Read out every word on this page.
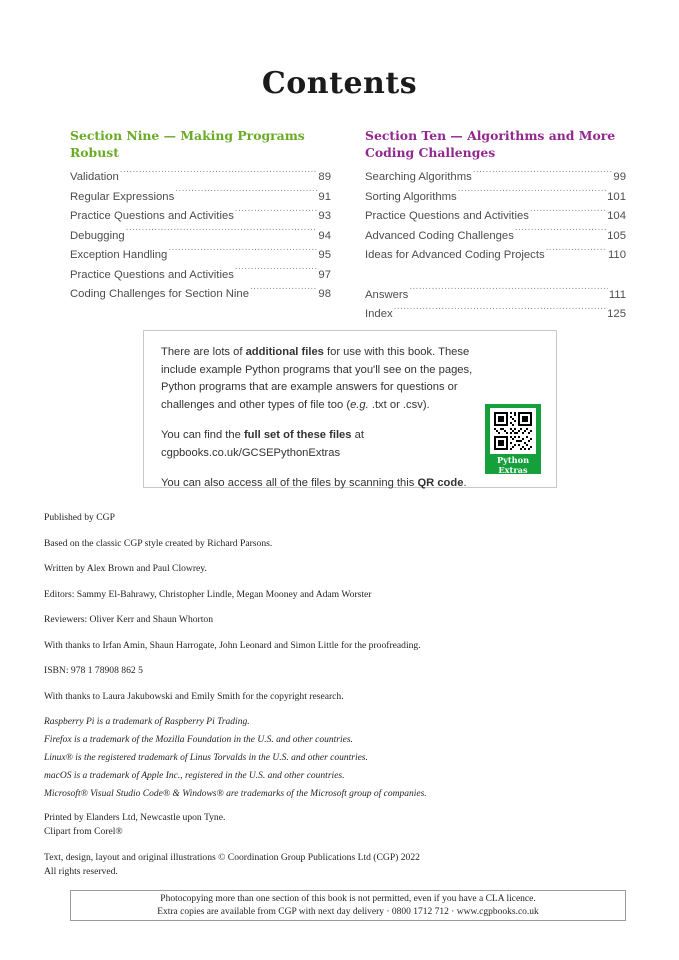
Contents
Section Nine — Making Programs Robust
Validation .....	89
Regular Expressions .....	91
Practice Questions and Activities .....	93
Debugging .....	94
Exception Handling .....	95
Practice Questions and Activities .....	97
Coding Challenges for Section Nine .....	98
Section Ten — Algorithms and More Coding Challenges
Searching Algorithms .....	99
Sorting Algorithms .....	101
Practice Questions and Activities .....	104
Advanced Coding Challenges .....	105
Ideas for Advanced Coding Projects .....	110
Answers .....	111
Index .....	125

There are lots of additional files for use with this book. These include example Python programs that you'll see on the pages, Python programs that are example answers for questions or challenges and other types of file too (e.g. .txt or .csv).

You can find the full set of these files at cgpbooks.co.uk/GCSEPythonExtras

You can also access all of the files by scanning this QR code.

Python
Extras

Published by CGP

Based on the classic CGP style created by Richard Parsons.

Written by Alex Brown and Paul Clowrey.

Editors: Sammy El-Bahrawy, Christopher Lindle, Megan Mooney and Adam Worster

Reviewers: Oliver Kerr and Shaun Whorton

With thanks to Irfan Amin, Shaun Harrogate, John Leonard and Simon Little for the proofreading.

ISBN: 978 1 78908 862 5

With thanks to Laura Jakubowski and Emily Smith for the copyright research.

Raspberry Pi is a trademark of Raspberry Pi Trading.

Firefox is a trademark of the Mozilla Foundation in the U.S. and other countries.

Linux® is the registered trademark of Linus Torvalds in the U.S. and other countries.

macOS is a trademark of Apple Inc., registered in the U.S. and other countries.

Microsoft® Visual Studio Code® & Windows® are trademarks of the Microsoft group of companies.

Printed by Elanders Ltd, Newcastle upon Tyne.

Clipart from Corel®

Text, design, layout and original illustrations © Coordination Group Publications Ltd (CGP) 2022

All rights reserved.

Photocopying more than one section of this book is not permitted, even if you have a CLA licence.
Extra copies are available from CGP with next day delivery · 0800 1712 712 · www.cgpbooks.co.uk
